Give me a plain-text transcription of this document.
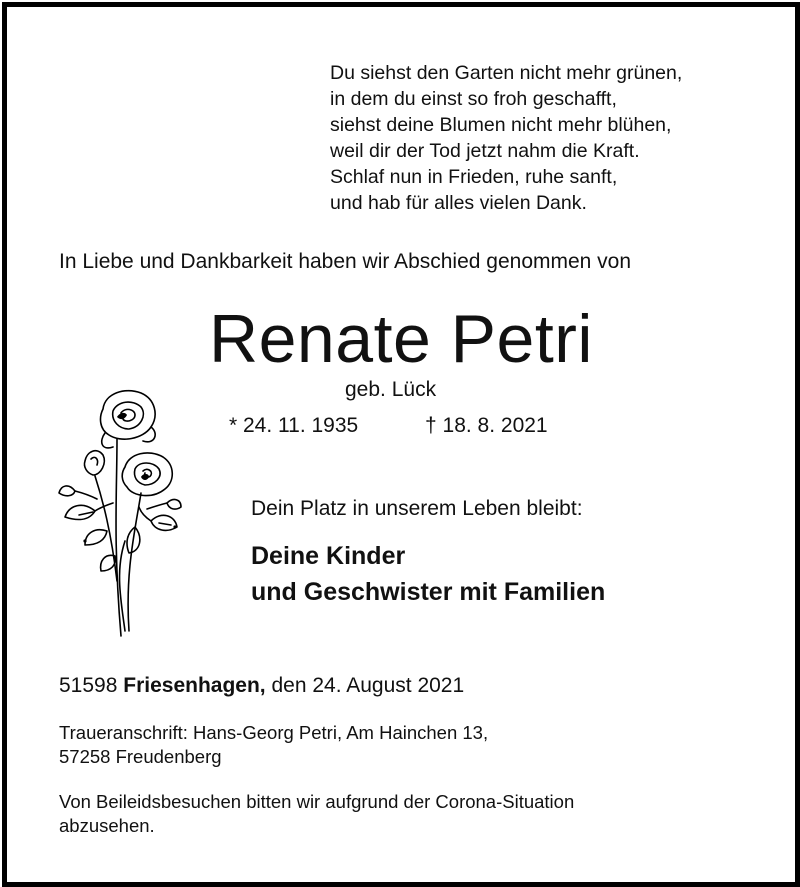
Du siehst den Garten nicht mehr grünen,
in dem du einst so froh geschafft,
siehst deine Blumen nicht mehr blühen,
weil dir der Tod jetzt nahm die Kraft.
Schlaf nun in Frieden, ruhe sanft,
und hab für alles vielen Dank.
In Liebe und Dankbarkeit haben wir Abschied genommen von
Renate Petri
geb. Lück
* 24. 11. 1935	† 18. 8. 2021
Dein Platz in unserem Leben bleibt:
Deine Kinder
und Geschwister mit Familien
51598 Friesenhagen, den 24. August 2021
Traueranschrift: Hans-Georg Petri, Am Hainchen 13,
57258 Freudenberg
Von Beileidsbesuchen bitten wir aufgrund der Corona-Situation
abzusehen.
